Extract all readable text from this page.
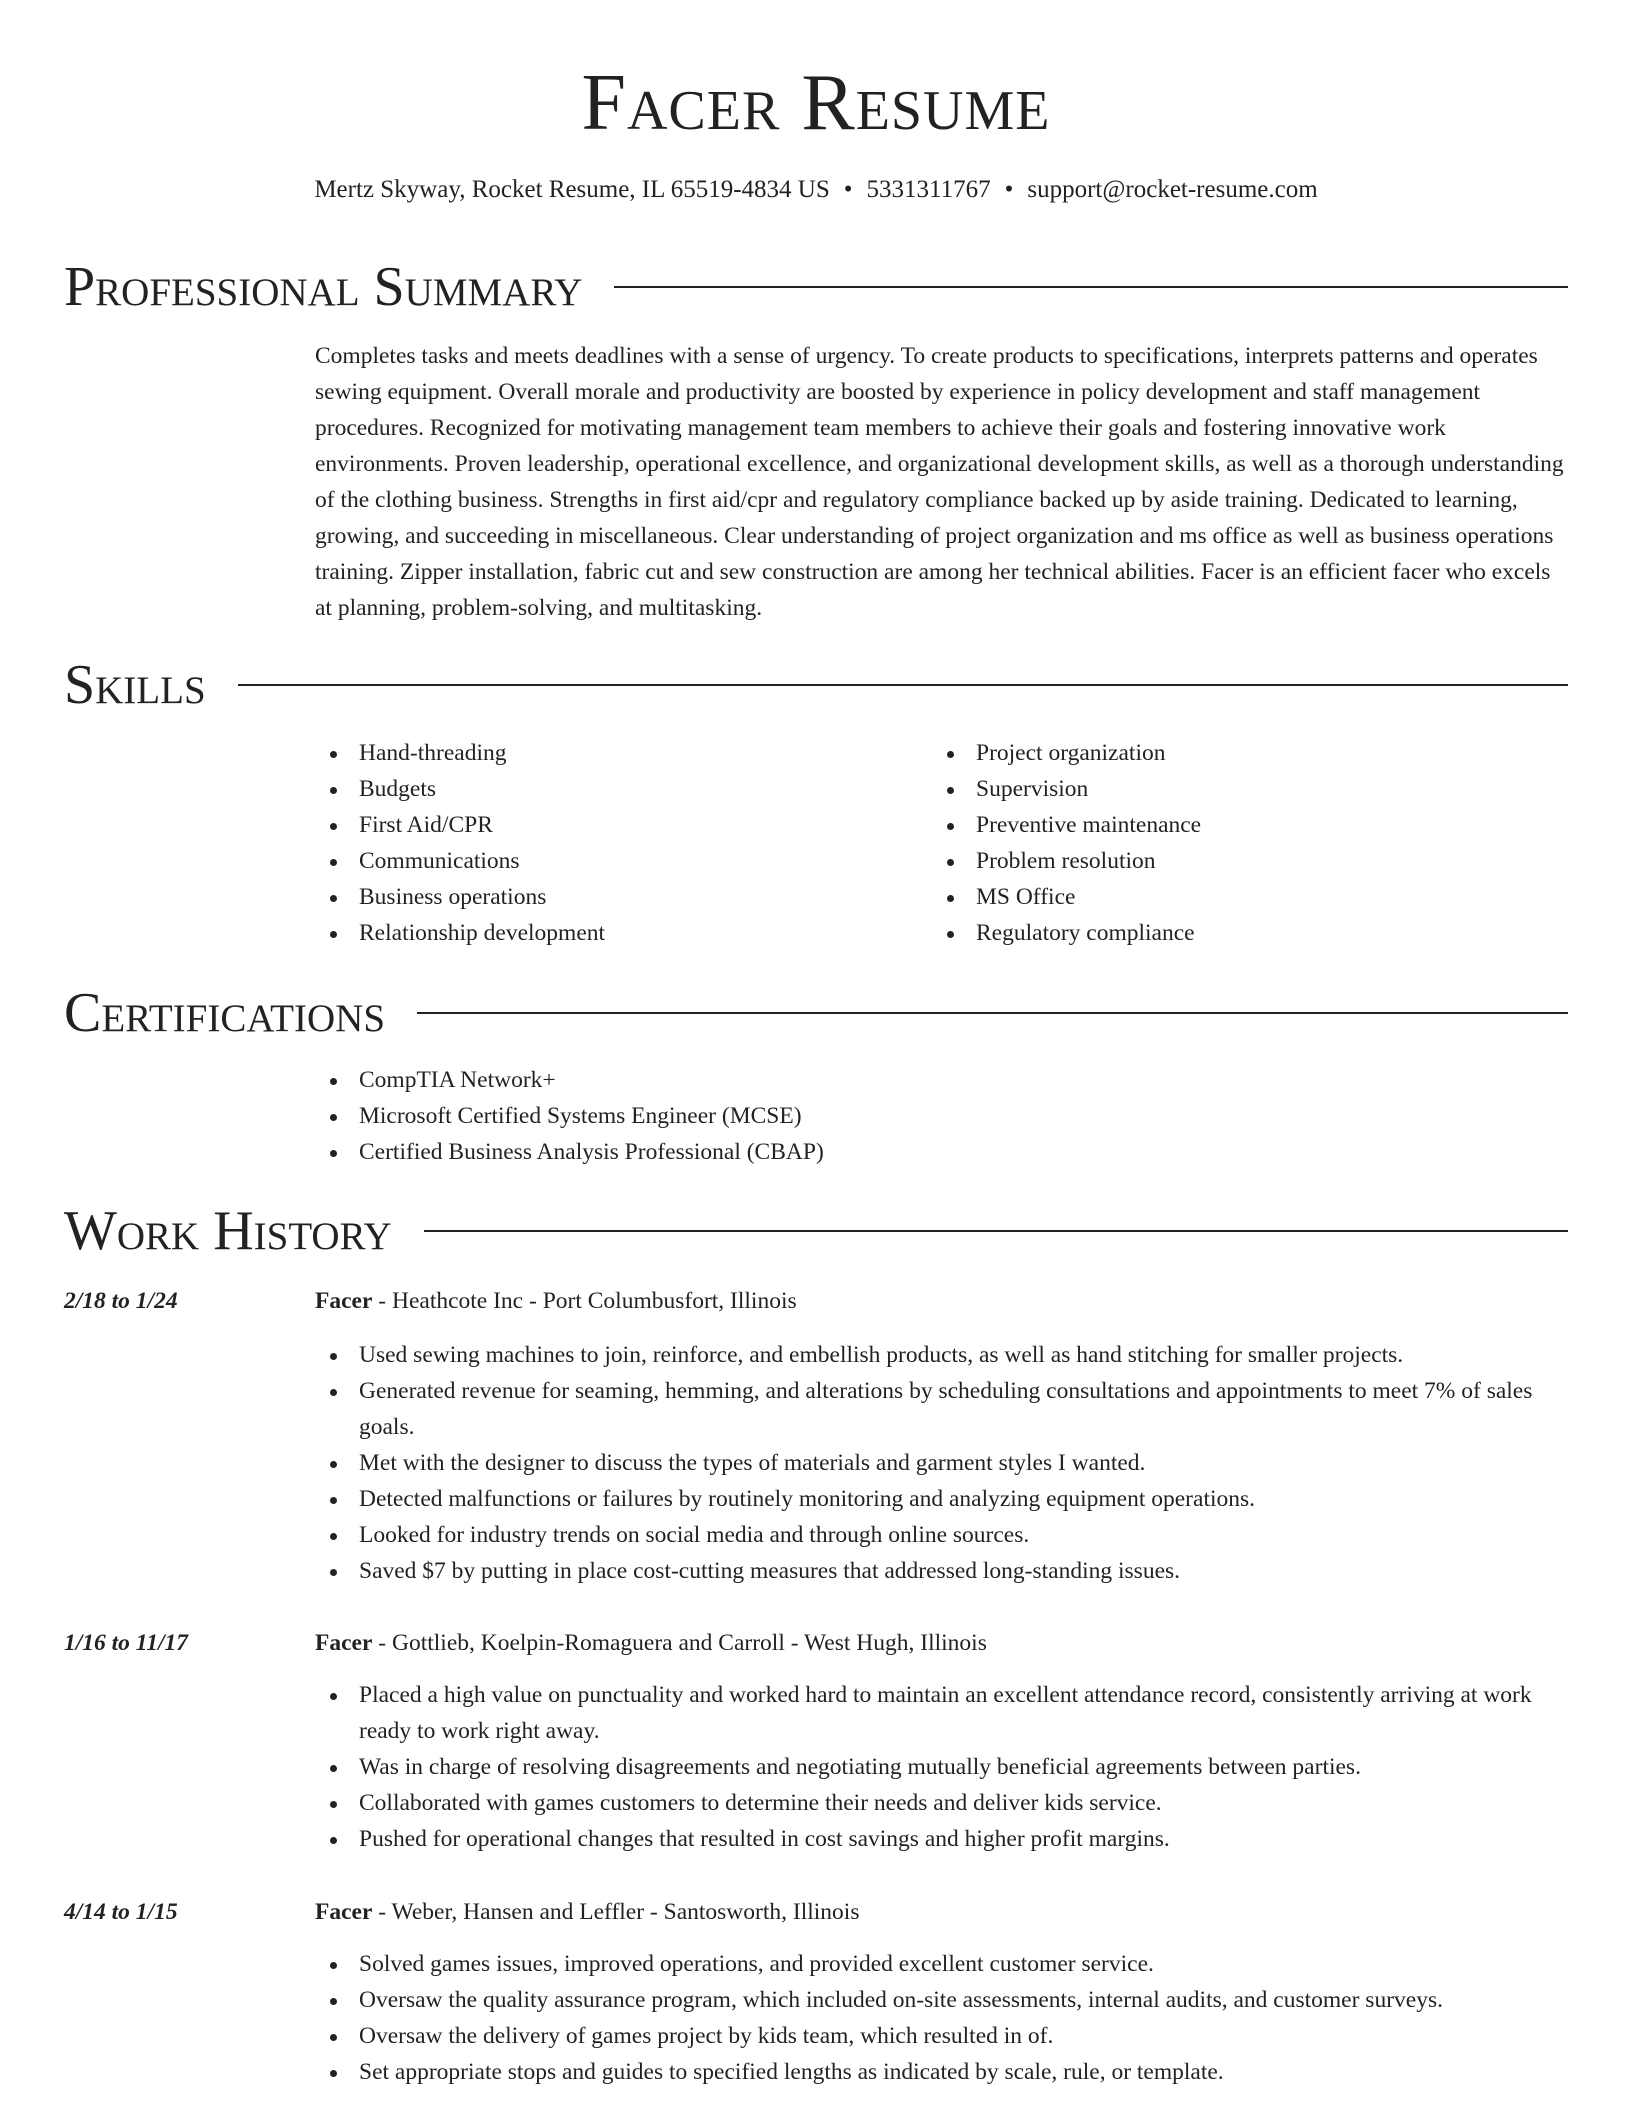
Facer Resume
Mertz Skyway, Rocket Resume, IL 65519-4834 US • 5331311767 • support@rocket-resume.com
Professional Summary

Completes tasks and meets deadlines with a sense of urgency. To create products to specifications, interprets patterns and operates sewing equipment. Overall morale and productivity are boosted by experience in policy development and staff management procedures. Recognized for motivating management team members to achieve their goals and fostering innovative work environments. Proven leadership, operational excellence, and organizational development skills, as well as a thorough understanding of the clothing business. Strengths in first aid/cpr and regulatory compliance backed up by aside training. Dedicated to learning, growing, and succeeding in miscellaneous. Clear understanding of project organization and ms office as well as business operations training. Zipper installation, fabric cut and sew construction are among her technical abilities. Facer is an efficient facer who excels at planning, problem-solving, and multitasking.

Skills
Hand-threading
Budgets
First Aid/CPR
Communications
Business operations
Relationship development
Project organization
Supervision
Preventive maintenance
Problem resolution
MS Office
Regulatory compliance
Certifications
CompTIA Network+
Microsoft Certified Systems Engineer (MCSE)
Certified Business Analysis Professional (CBAP)
Work History
2/18 to 1/24	Facer - Heathcote Inc - Port Columbusfort, Illinois
Used sewing machines to join, reinforce, and embellish products, as well as hand stitching for smaller projects.
Generated revenue for seaming, hemming, and alterations by scheduling consultations and appointments to meet 7% of sales goals.
Met with the designer to discuss the types of materials and garment styles I wanted.
Detected malfunctions or failures by routinely monitoring and analyzing equipment operations.
Looked for industry trends on social media and through online sources.
Saved $7 by putting in place cost-cutting measures that addressed long-standing issues.
1/16 to 11/17	Facer - Gottlieb, Koelpin-Romaguera and Carroll - West Hugh, Illinois
Placed a high value on punctuality and worked hard to maintain an excellent attendance record, consistently arriving at work ready to work right away.
Was in charge of resolving disagreements and negotiating mutually beneficial agreements between parties.
Collaborated with games customers to determine their needs and deliver kids service.
Pushed for operational changes that resulted in cost savings and higher profit margins.
4/14 to 1/15	Facer - Weber, Hansen and Leffler - Santosworth, Illinois
Solved games issues, improved operations, and provided excellent customer service.
Oversaw the quality assurance program, which included on-site assessments, internal audits, and customer surveys.
Oversaw the delivery of games project by kids team, which resulted in of.
Set appropriate stops and guides to specified lengths as indicated by scale, rule, or template.
